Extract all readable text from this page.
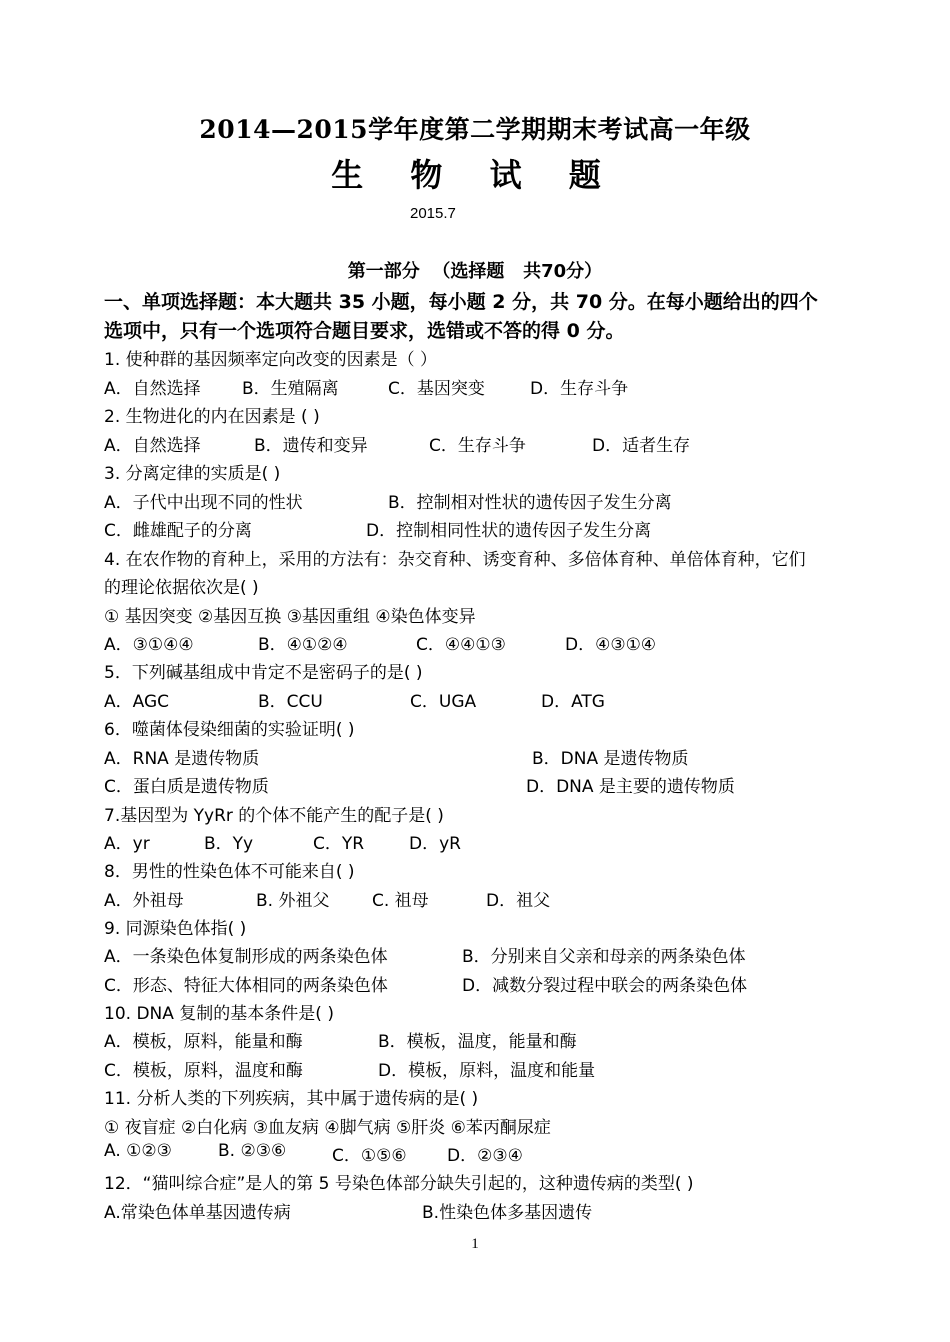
2014—2015学年度第二学期期末考试高一年级
生 物 试 题
2015.7
第一部分  （选择题   共70分）
一、单项选择题：本大题共 35 小题，每小题 2 分，共 70 分。在每小题给出的四个
选项中，只有一个选项符合题目要求，选错或不答的得 0 分。
1. 使种群的基因频率定向改变的因素是（ ）
A．自然选择 B．生殖隔离	C．基因突变	D．生存斗争
2. 生物进化的内在因素是 ( )
A．自然选择	B．遗传和变异	C．生存斗争	D．适者生存
3. 分离定律的实质是( )
A．子代中出现不同的性状	B．控制相对性状的遗传因子发生分离
C．雌雄配子的分离	D．控制相同性状的遗传因子发生分离
4. 在农作物的育种上，采用的方法有：杂交育种、诱变育种、多倍体育种、单倍体育种，它们
的理论依据依次是( )
① 基因突变 ②基因互换 ③基因重组 ④染色体变异
A．③①④④	B．④①②④	C．④④①③	D．④③①④
5．下列碱基组成中肯定不是密码子的是( )
A．AGC	B．CCU	C．UGA	D．ATG
6．噬菌体侵染细菌的实验证明( )
A．RNA 是遗传物质	B．DNA 是遗传物质
C．蛋白质是遗传物质	D．DNA 是主要的遗传物质
7.基因型为 YyRr 的个体不能产生的配子是( )
A．yr	B．Yy	C．YR	D．yR
8．男性的性染色体不可能来自( )
A．外祖母	B. 外祖父	C. 祖母	D．祖父
9. 同源染色体指( )
A．一条染色体复制形成的两条染色体	B．分别来自父亲和母亲的两条染色体
C．形态、特征大体相同的两条染色体	D．减数分裂过程中联会的两条染色体
10. DNA 复制的基本条件是( )
A．模板，原料，能量和酶	B．模板，温度，能量和酶
C．模板，原料，温度和酶	D．模板，原料，温度和能量
11. 分析人类的下列疾病，其中属于遗传病的是( )
① 夜盲症 ②白化病 ③血友病 ④脚气病 ⑤肝炎 ⑥苯丙酮尿症
A. ①②③	B. ②③⑥	C．①⑤⑥ D．②③④
12．“猫叫综合症”是人的第 5 号染色体部分缺失引起的，这种遗传病的类型( )
A.常染色体单基因遗传病	B.性染色体多基因遗传
1
